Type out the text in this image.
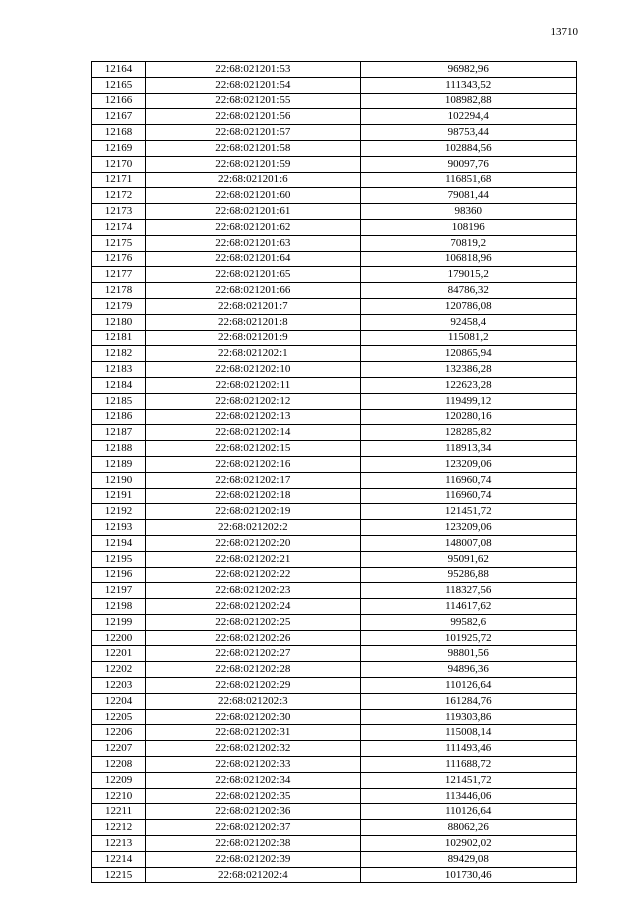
13710
12164	22:68:021201:53	96982,96
12165	22:68:021201:54	111343,52
12166	22:68:021201:55	108982,88
12167	22:68:021201:56	102294,4
12168	22:68:021201:57	98753,44
12169	22:68:021201:58	102884,56
12170	22:68:021201:59	90097,76
12171	22:68:021201:6	116851,68
12172	22:68:021201:60	79081,44
12173	22:68:021201:61	98360
12174	22:68:021201:62	108196
12175	22:68:021201:63	70819,2
12176	22:68:021201:64	106818,96
12177	22:68:021201:65	179015,2
12178	22:68:021201:66	84786,32
12179	22:68:021201:7	120786,08
12180	22:68:021201:8	92458,4
12181	22:68:021201:9	115081,2
12182	22:68:021202:1	120865,94
12183	22:68:021202:10	132386,28
12184	22:68:021202:11	122623,28
12185	22:68:021202:12	119499,12
12186	22:68:021202:13	120280,16
12187	22:68:021202:14	128285,82
12188	22:68:021202:15	118913,34
12189	22:68:021202:16	123209,06
12190	22:68:021202:17	116960,74
12191	22:68:021202:18	116960,74
12192	22:68:021202:19	121451,72
12193	22:68:021202:2	123209,06
12194	22:68:021202:20	148007,08
12195	22:68:021202:21	95091,62
12196	22:68:021202:22	95286,88
12197	22:68:021202:23	118327,56
12198	22:68:021202:24	114617,62
12199	22:68:021202:25	99582,6
12200	22:68:021202:26	101925,72
12201	22:68:021202:27	98801,56
12202	22:68:021202:28	94896,36
12203	22:68:021202:29	110126,64
12204	22:68:021202:3	161284,76
12205	22:68:021202:30	119303,86
12206	22:68:021202:31	115008,14
12207	22:68:021202:32	111493,46
12208	22:68:021202:33	111688,72
12209	22:68:021202:34	121451,72
12210	22:68:021202:35	113446,06
12211	22:68:021202:36	110126,64
12212	22:68:021202:37	88062,26
12213	22:68:021202:38	102902,02
12214	22:68:021202:39	89429,08
12215	22:68:021202:4	101730,46
